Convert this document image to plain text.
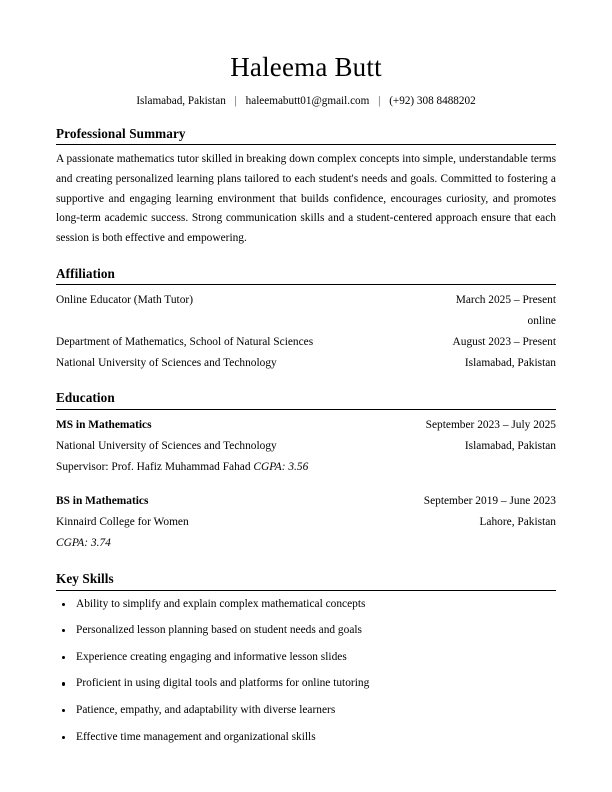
Haleema Butt
Islamabad, Pakistan | haleemabutt01@gmail.com | (+92) 308 8488202
Professional Summary
A passionate mathematics tutor skilled in breaking down complex concepts into simple, understandable terms and creating personalized learning plans tailored to each student's needs and goals. Committed to fostering a supportive and engaging learning environment that builds confidence, encourages curiosity, and promotes long-term academic success. Strong communication skills and a student-centered approach ensure that each session is both effective and empowering.
Affiliation
Online Educator (Math Tutor)	March 2025 – Present
online
Department of Mathematics, School of Natural Sciences	August 2023 – Present
National University of Sciences and Technology	Islamabad, Pakistan
Education
MS in Mathematics	September 2023 – July 2025
National University of Sciences and Technology	Islamabad, Pakistan
Supervisor: Prof. Hafiz Muhammad Fahad CGPA: 3.56
BS in Mathematics	September 2019 – June 2023
Kinnaird College for Women	Lahore, Pakistan
CGPA: 3.74
Key Skills
Ability to simplify and explain complex mathematical concepts
Personalized lesson planning based on student needs and goals
Experience creating engaging and informative lesson slides
Proficient in using digital tools and platforms for online tutoring
Patience, empathy, and adaptability with diverse learners
Effective time management and organizational skills
